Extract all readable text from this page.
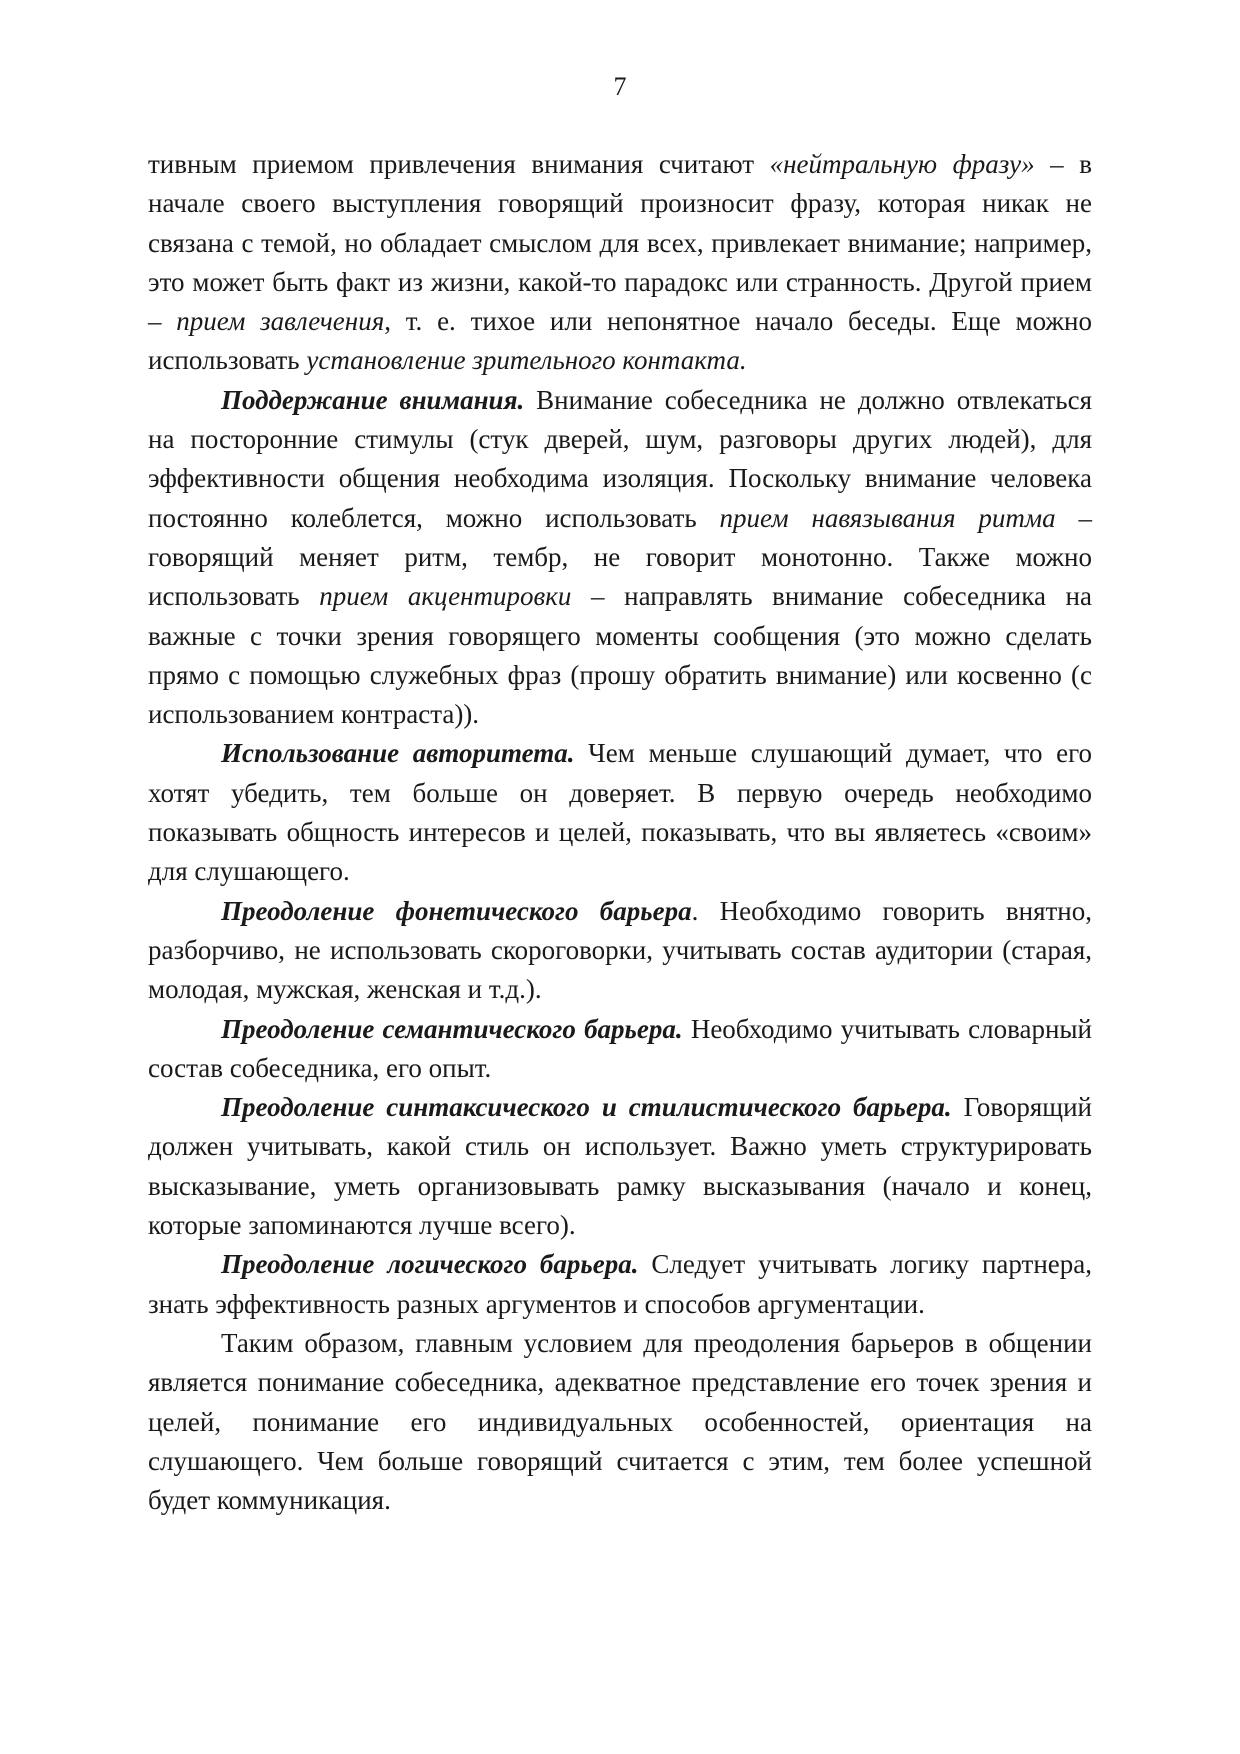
7

тивным приемом привлечения внимания считают «нейтральную фразу» – в начале своего выступления говорящий произносит фразу, которая никак не связана с темой, но обладает смыслом для всех, привлекает внимание; например, это может быть факт из жизни, какой-то парадокс или странность. Другой прием – прием завлечения, т. е. тихое или непонятное начало беседы. Еще можно использовать установление зрительного контакта.

Поддержание внимания. Внимание собеседника не должно отвлекаться на посторонние стимулы (стук дверей, шум, разговоры других людей), для эффективности общения необходима изоляция. Поскольку внимание человека постоянно колеблется, можно использовать прием навязывания ритма – говорящий меняет ритм, тембр, не говорит монотонно. Также можно использовать прием акцентировки – направлять внимание собеседника на важные с точки зрения говорящего моменты сообщения (это можно сделать прямо с помощью служебных фраз (прошу обратить внимание) или косвенно (с использованием контраста)).

Использование авторитета. Чем меньше слушающий думает, что его хотят убедить, тем больше он доверяет. В первую очередь необходимо показывать общность интересов и целей, показывать, что вы являетесь «своим» для слушающего.

Преодоление фонетического барьера. Необходимо говорить внятно, разборчиво, не использовать скороговорки, учитывать состав аудитории (старая, молодая, мужская, женская и т.д.).

Преодоление семантического барьера. Необходимо учитывать словарный состав собеседника, его опыт.

Преодоление синтаксического и стилистического барьера. Говорящий должен учитывать, какой стиль он использует. Важно уметь структурировать высказывание, уметь организовывать рамку высказывания (начало и конец, которые запоминаются лучше всего).

Преодоление логического барьера. Следует учитывать логику партнера, знать эффективность разных аргументов и способов аргументации.

Таким образом, главным условием для преодоления барьеров в общении является понимание собеседника, адекватное представление его точек зрения и целей, понимание его индивидуальных особенностей, ориентация на слушающего. Чем больше говорящий считается с этим, тем более успешной будет коммуникация.
